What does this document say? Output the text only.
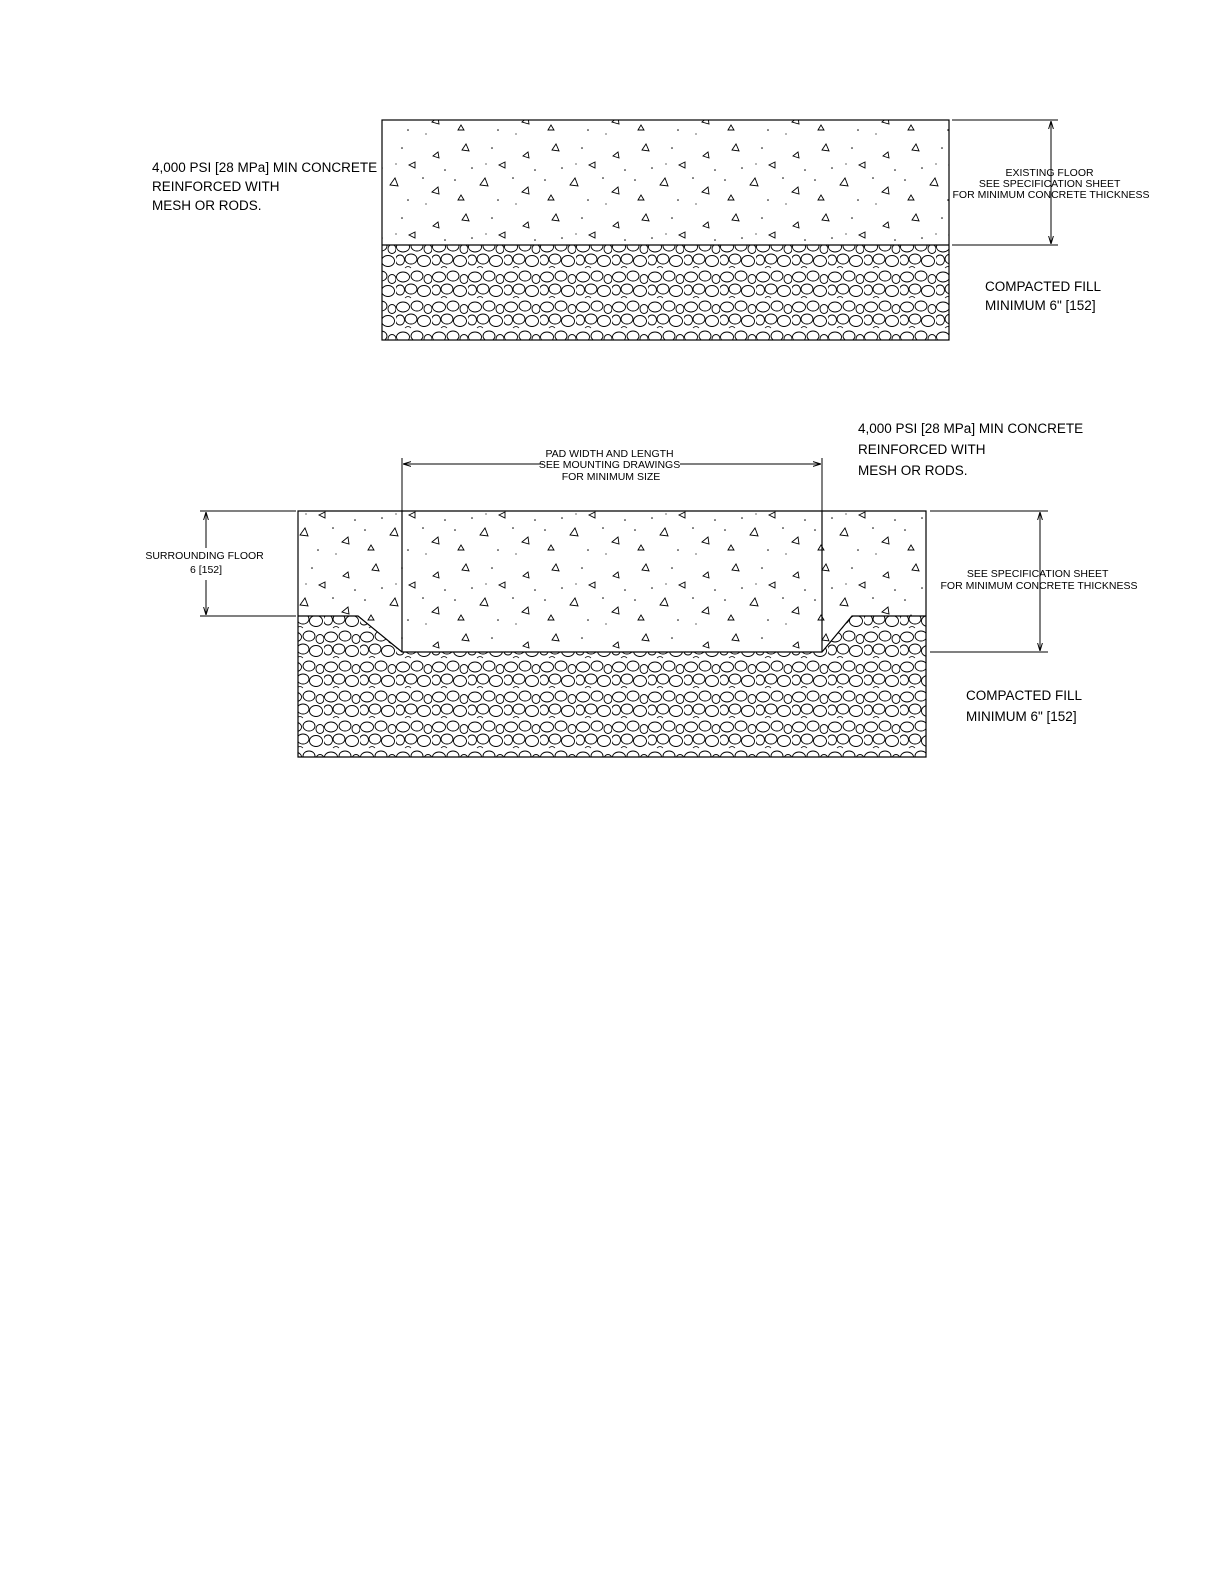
4,000 PSI [28 MPa] MIN CONCRETE REINFORCED WITH MESH OR RODS.
EXISTING FLOOR SEE SPECIFICATION SHEET FOR MINIMUM CONCRETE THICKNESS
COMPACTED FILL MINIMUM 6" [152]
PAD WIDTH AND LENGTH SEE MOUNTING DRAWINGS FOR MINIMUM SIZE
4,000 PSI [28 MPa] MIN CONCRETE REINFORCED WITH MESH OR RODS.
SURROUNDING FLOOR 6 [152]	SEE SPECIFICATION SHEET FOR MINIMUM CONCRETE THICKNESS
COMPACTED FILL MINIMUM 6" [152]
